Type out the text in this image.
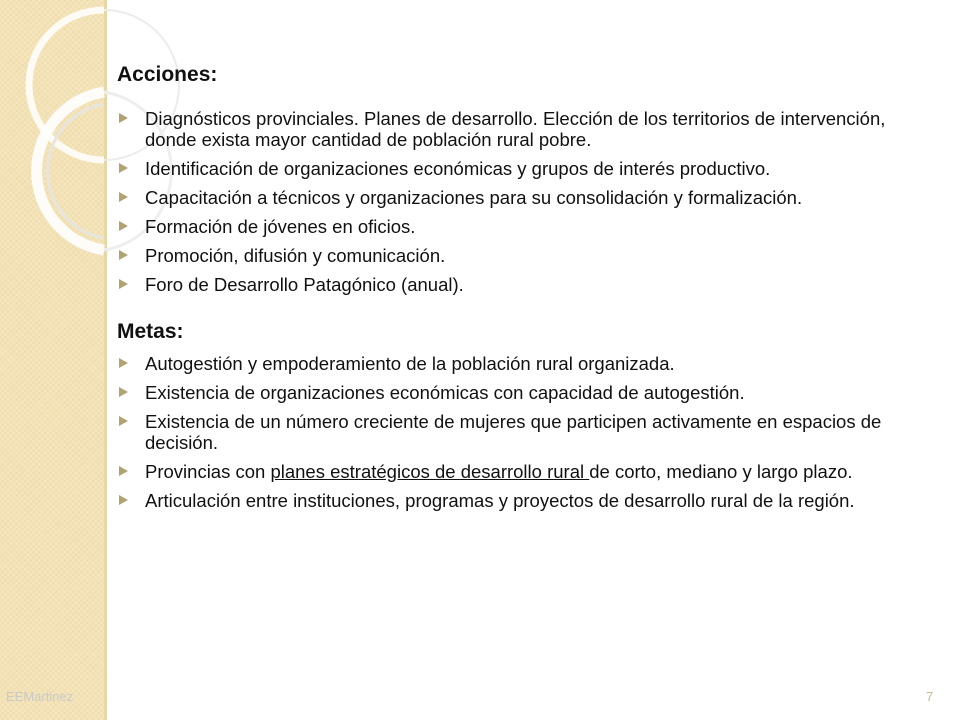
Acciones:
Diagnósticos provinciales. Planes de desarrollo. Elección de los territorios de intervención, donde exista mayor cantidad de población rural pobre.
Identificación de organizaciones económicas y grupos de interés productivo.
Capacitación a técnicos y organizaciones para su consolidación y formalización.
Formación de jóvenes en oficios.
Promoción, difusión y comunicación.
Foro de Desarrollo Patagónico (anual).
Metas:
Autogestión y empoderamiento de la población rural organizada.
Existencia de organizaciones económicas con capacidad de autogestión.
Existencia de un número creciente de mujeres que participen activamente en espacios de decisión.
Provincias con planes estratégicos de desarrollo rural de corto, mediano y largo plazo.
Articulación entre instituciones, programas y proyectos de desarrollo rural de la región.
EEMartinez	7
